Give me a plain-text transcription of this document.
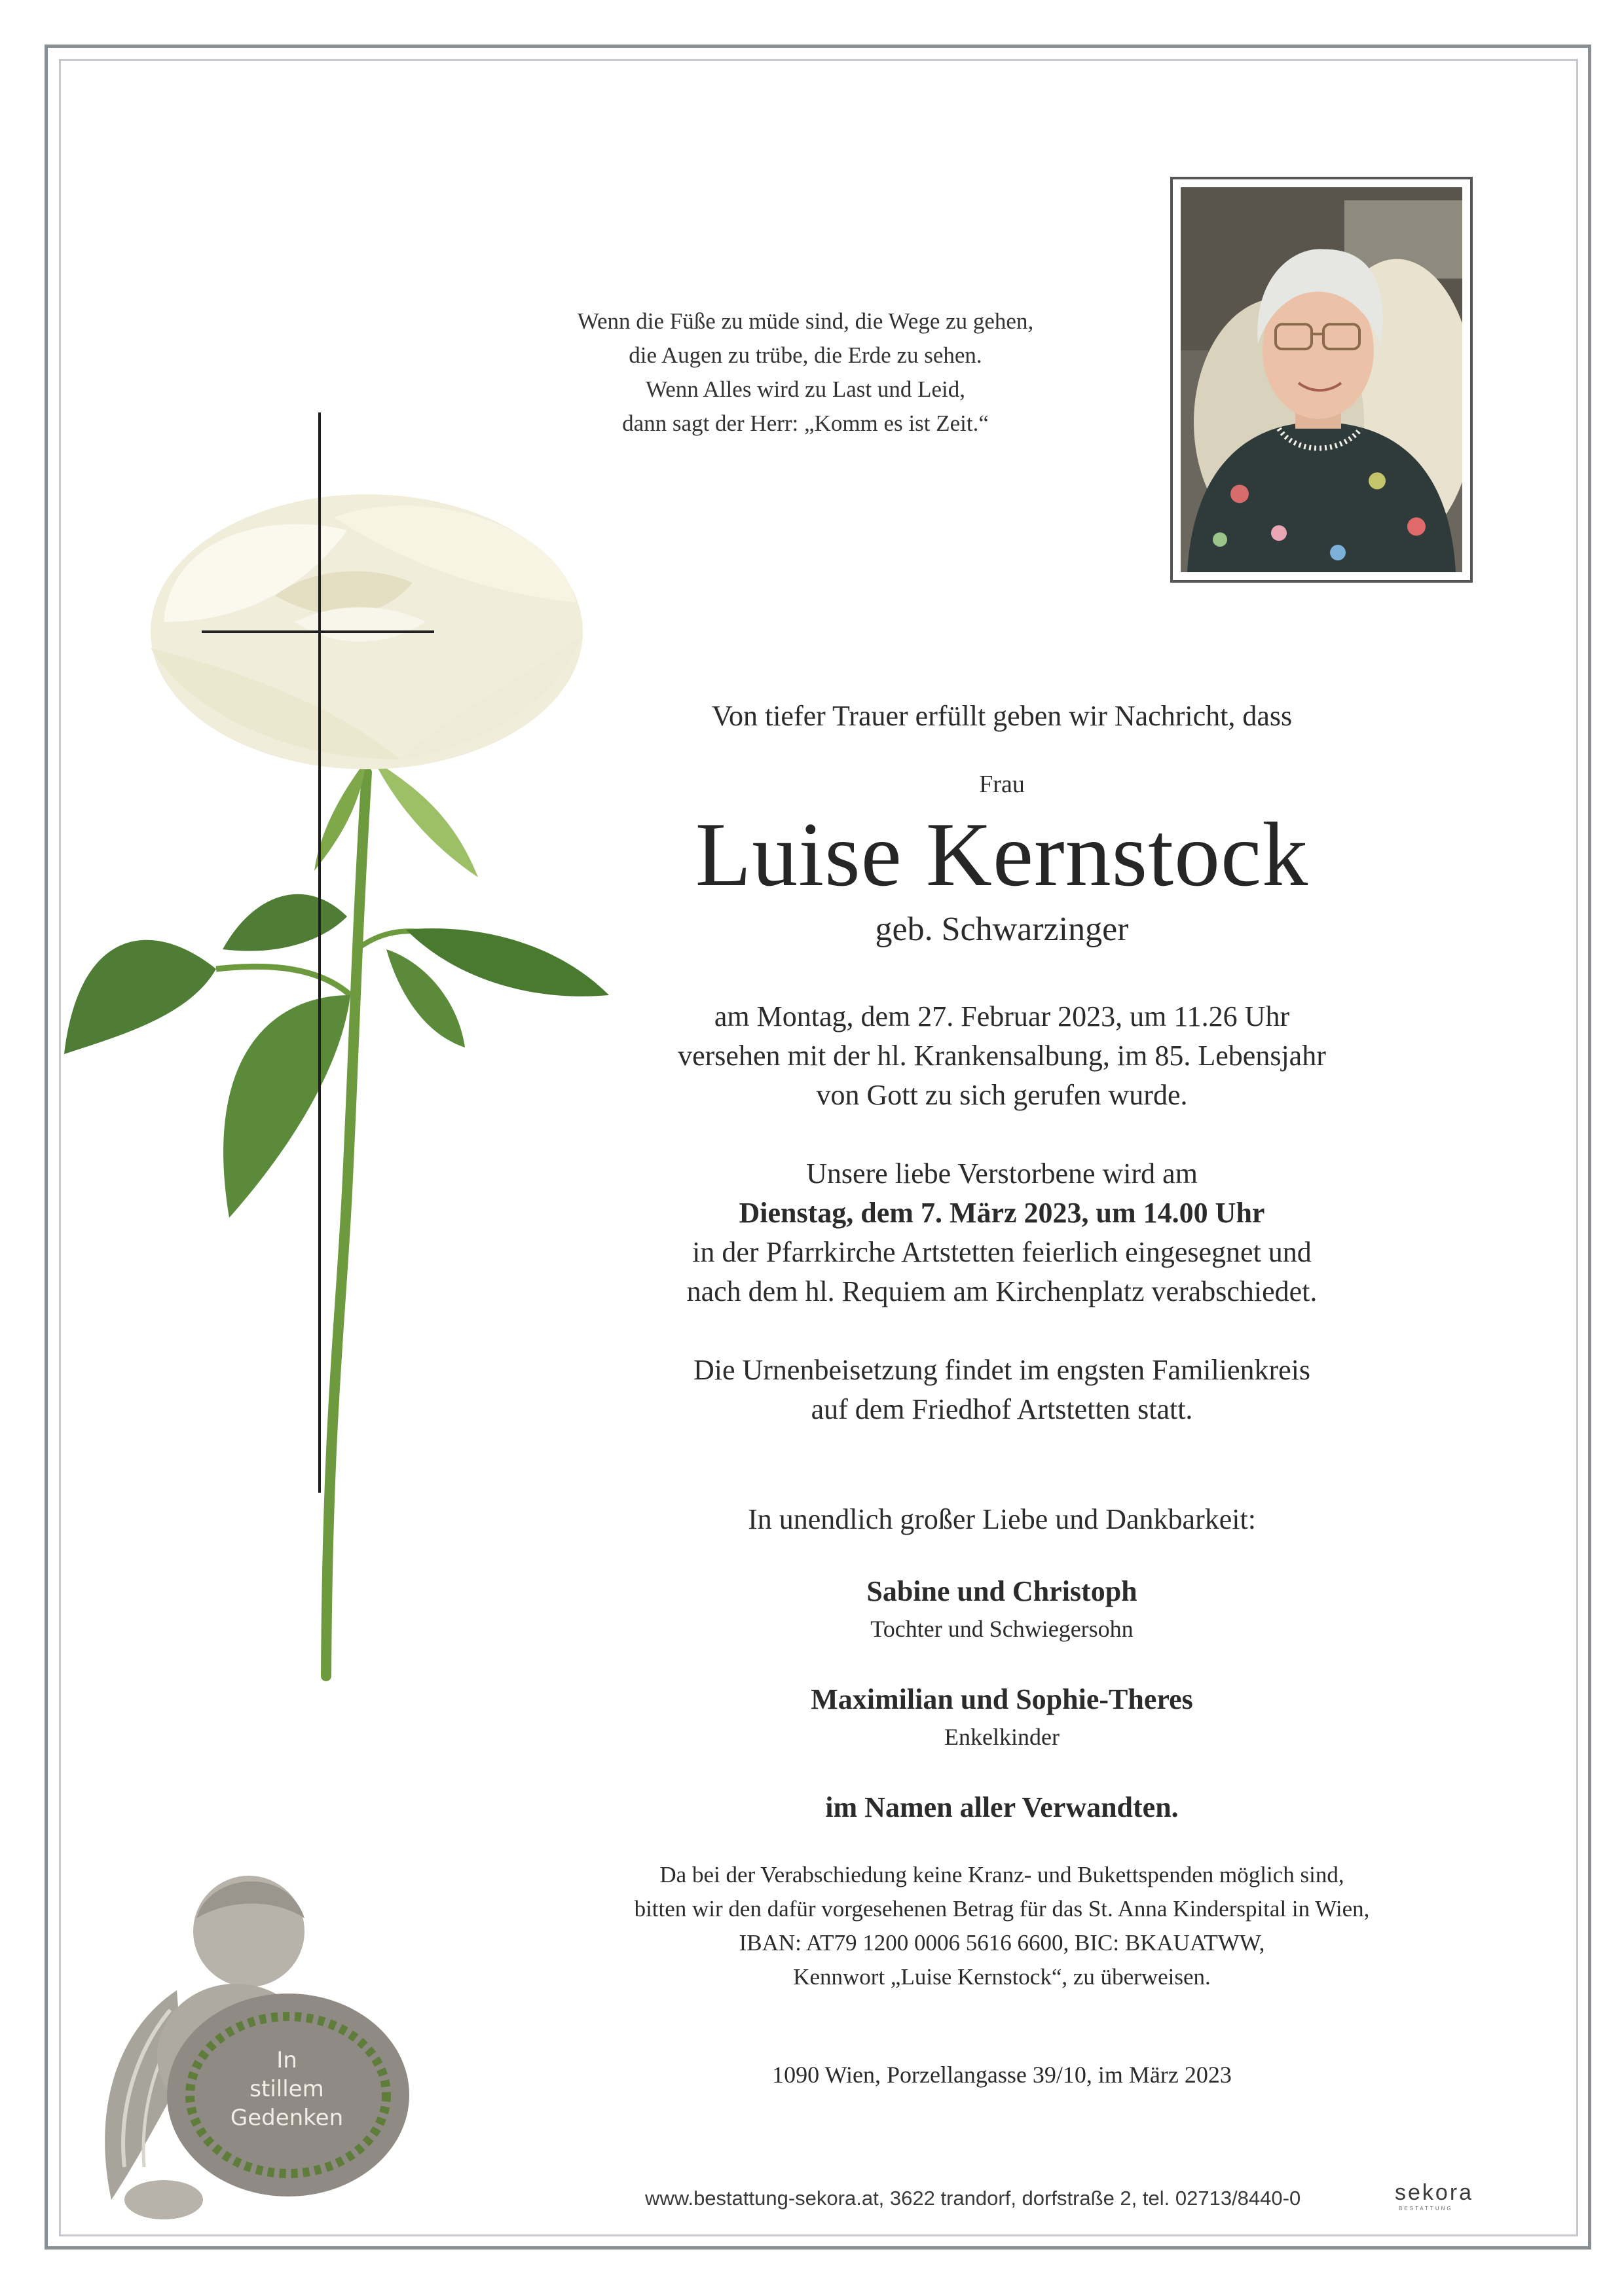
Wenn die Füße zu müde sind, die Wege zu gehen,
die Augen zu trübe, die Erde zu sehen.
Wenn Alles wird zu Last und Leid,
dann sagt der Herr: „Komm es ist Zeit.“
Von tiefer Trauer erfüllt geben wir Nachricht, dass
Frau
Luise Kernstock
geb. Schwarzinger
am Montag, dem 27. Februar 2023, um 11.26 Uhr
versehen mit der hl. Krankensalbung, im 85. Lebensjahr
von Gott zu sich gerufen wurde.
Unsere liebe Verstorbene wird am
Dienstag, dem 7. März 2023, um 14.00 Uhr
in der Pfarrkirche Artstetten feierlich eingesegnet und
nach dem hl. Requiem am Kirchenplatz verabschiedet.
Die Urnenbeisetzung findet im engsten Familienkreis
auf dem Friedhof Artstetten statt.
In unendlich großer Liebe und Dankbarkeit:
Sabine und Christoph
Tochter und Schwiegersohn
Maximilian und Sophie-Theres
Enkelkinder
im Namen aller Verwandten.
Da bei der Verabschiedung keine Kranz- und Bukettspenden möglich sind,
bitten wir den dafür vorgesehenen Betrag für das St. Anna Kinderspital in Wien,
IBAN: AT79 1200 0006 5616 6600, BIC: BKAUATWW,
Kennwort „Luise Kernstock“, zu überweisen.
1090 Wien, Porzellangasse 39/10, im März 2023
In
stillem
Gedenken
www.bestattung-sekora.at, 3622 trandorf, dorfstraße 2, tel. 02713/8440-0	sekora
BESTATTUNG
